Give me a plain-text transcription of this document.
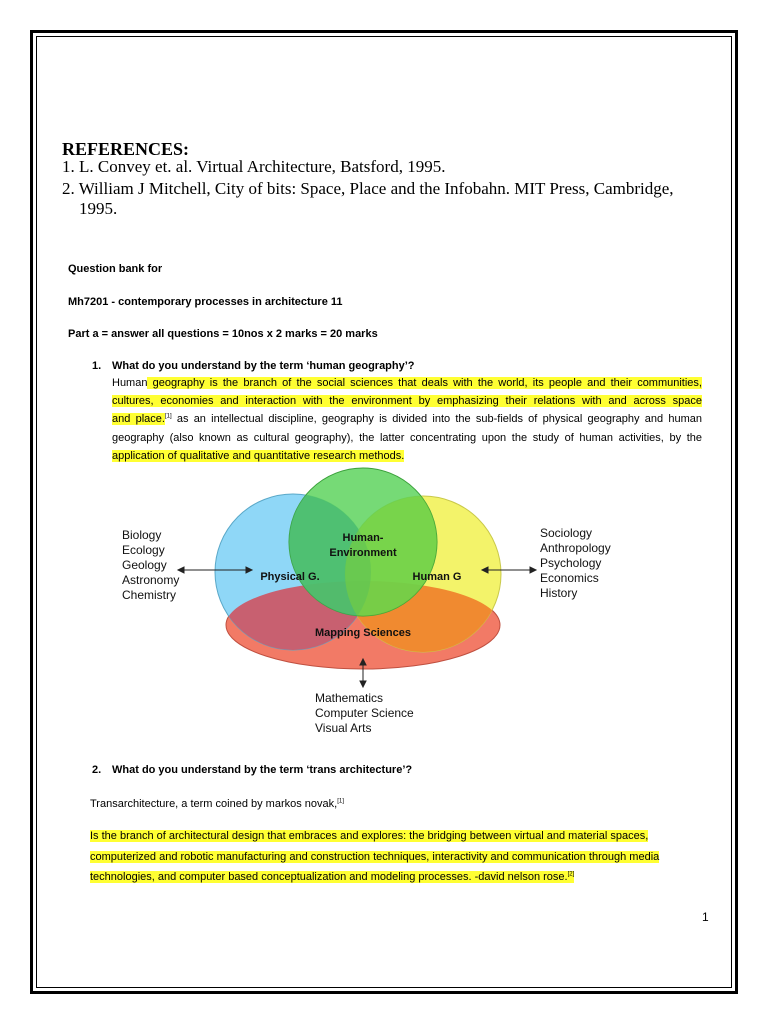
REFERENCES:
1. L. Convey et. al. Virtual Architecture, Batsford, 1995.
2. William J Mitchell, City of bits: Space, Place and the Infobahn. MIT Press, Cambridge,
1995.
Question bank for
Mh7201 - contemporary processes in architecture 11
Part a = answer all questions = 10nos x 2 marks = 20 marks
1. What do you understand by the term ‘human geography’?
Human geography is the branch of the social sciences that deals with the world, its people and their communities,
cultures, economies and interaction with the environment by emphasizing their relations with and across space
and place.[1] as an intellectual discipline, geography is divided into the sub-fields of physical geography and human
geography (also known as cultural geography), the latter concentrating upon the study of human activities, by the
application of qualitative and quantitative research methods.
Human-
Environment
Physical G.	Human G
Mapping Sciences
Biology
Ecology
Geology
Astronomy
Chemistry
Sociology
Anthropology
Psychology
Economics
History
Mathematics
Computer Science
Visual Arts
2. What do you understand by the term ‘trans architecture’?
Transarchitecture, a term coined by markos novak,[1]
Is the branch of architectural design that embraces and explores: the bridging between virtual and material spaces,
computerized and robotic manufacturing and construction techniques, interactivity and communication through media
technologies, and computer based conceptualization and modeling processes. -david nelson rose.[2]
1
